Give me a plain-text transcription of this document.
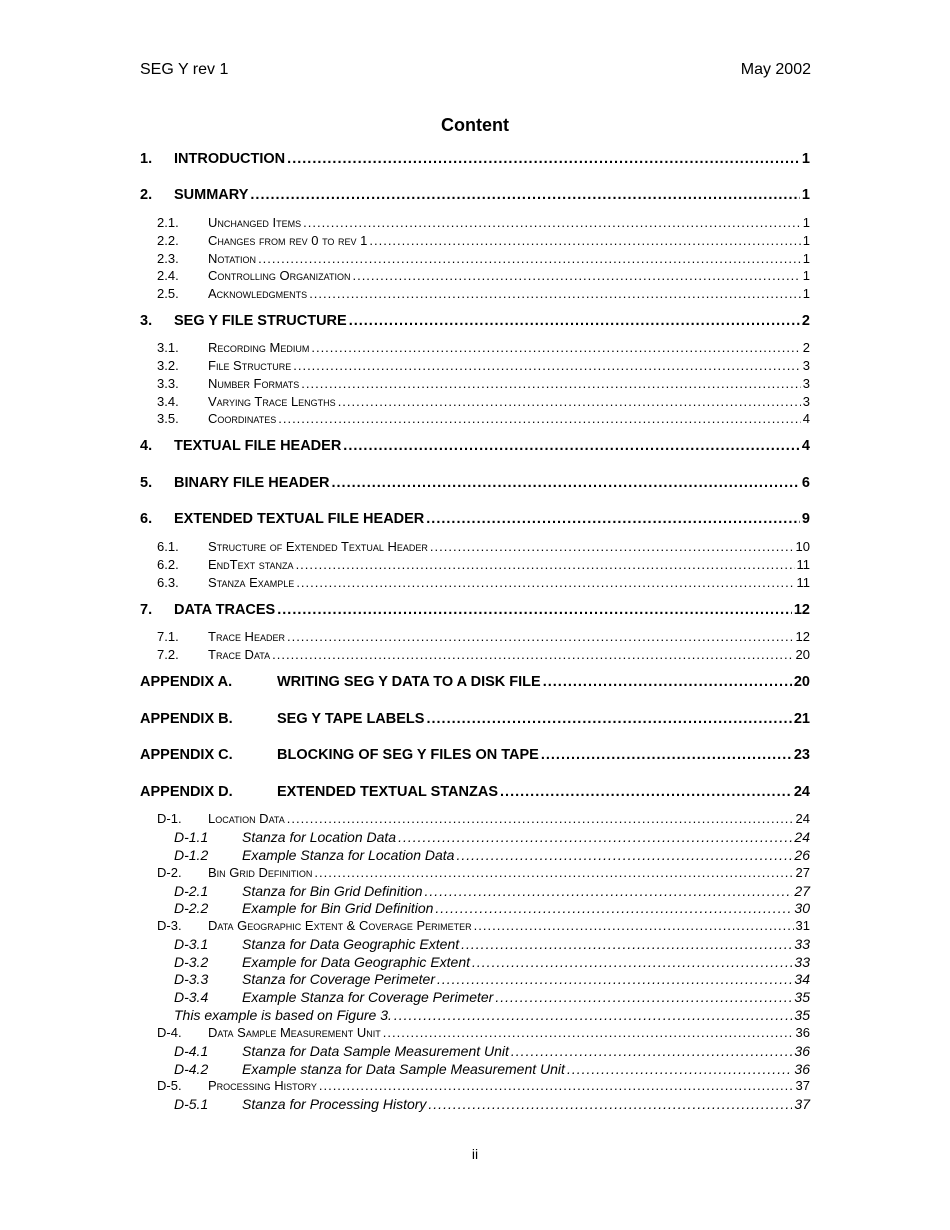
SEG Y rev 1	May 2002
Content
1.	INTRODUCTION .....	1
2.	SUMMARY .....	1
2.1.	Unchanged Items .....	1
2.2.	Changes from rev 0 to rev 1 .....	1
2.3.	Notation .....	1
2.4.	Controlling Organization .....	1
2.5.	Acknowledgments .....	1
3.	SEG Y FILE STRUCTURE .....	2
3.1.	Recording Medium .....	2
3.2.	File Structure .....	3
3.3.	Number Formats .....	3
3.4.	Varying Trace Lengths .....	3
3.5.	Coordinates .....	4
4.	TEXTUAL FILE HEADER .....	4
5.	BINARY FILE HEADER .....	6
6.	EXTENDED TEXTUAL FILE HEADER .....	9
6.1.	Structure of Extended Textual Header .....	10
6.2.	EndText stanza .....	11
6.3.	Stanza Example .....	11
7.	DATA TRACES .....	12
7.1.	Trace Header .....	12
7.2.	Trace Data .....	20
APPENDIX A.	WRITING SEG Y DATA TO A DISK FILE .....	20
APPENDIX B.	SEG Y TAPE LABELS .....	21
APPENDIX C.	BLOCKING OF SEG Y FILES ON TAPE .....	23
APPENDIX D.	EXTENDED TEXTUAL STANZAS .....	24
D-1.	Location Data .....	24
D-1.1	Stanza for Location Data .....	24
D-1.2	Example Stanza for Location Data .....	26
D-2.	Bin Grid Definition .....	27
D-2.1	Stanza for Bin Grid Definition .....	27
D-2.2	Example for Bin Grid Definition .....	30
D-3.	Data Geographic Extent & Coverage Perimeter .....	31
D-3.1	Stanza for Data Geographic Extent .....	33
D-3.2	Example for Data Geographic Extent .....	33
D-3.3	Stanza for Coverage Perimeter .....	34
D-3.4	Example Stanza for Coverage Perimeter .....	35
This example is based on Figure 3. .....	35
D-4.	Data Sample Measurement Unit .....	36
D-4.1	Stanza for Data Sample Measurement Unit .....	36
D-4.2	Example stanza for Data Sample Measurement Unit .....	36
D-5.	Processing History .....	37
D-5.1	Stanza for Processing History .....	37
ii
